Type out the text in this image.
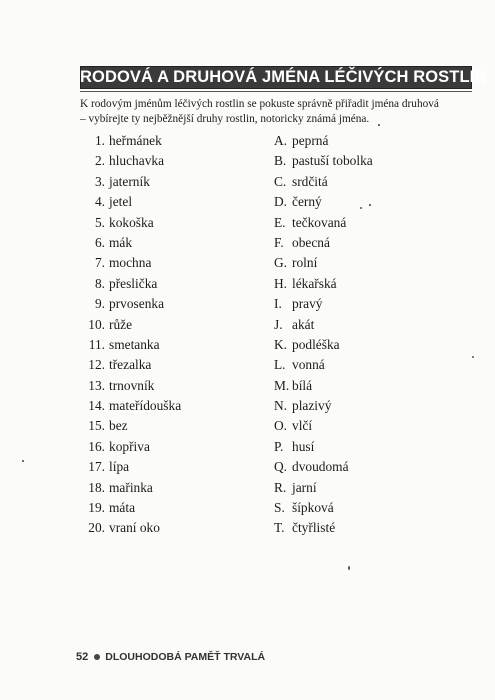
RODOVÁ A DRUHOVÁ JMÉNA LÉČIVÝCH ROSTLIN

K rodovým jménům léčivých rostlin se pokuste správně přiřadit jména druhová
– vybírejte ty nejběžnější druhy rostlin, notoricky známá jména.

1. heřmánek
2. hluchavka
3. jaterník
4. jetel
5. kokoška
6. mák
7. mochna
8. přeslička
9. prvosenka
10. růže
11. smetanka
12. třezalka
13. trnovník
14. mateřídouška
15. bez
16. kopřiva
17. lípa
18. mařinka
19. máta
20. vraní oko
A. peprná
B. pastuší tobolka
C. srdčitá
D. černý
E. tečkovaná
F. obecná
G. rolní
H. lékařská
I. pravý
J. akát
K. podléška
L. vonná
M. bílá
N. plazivý
O. vlčí
P. husí
Q. dvoudomá
R. jarní
S. šípková
T. čtyřlisté
52 DLOUHODOBÁ PAMĚŤ TRVALÁ
